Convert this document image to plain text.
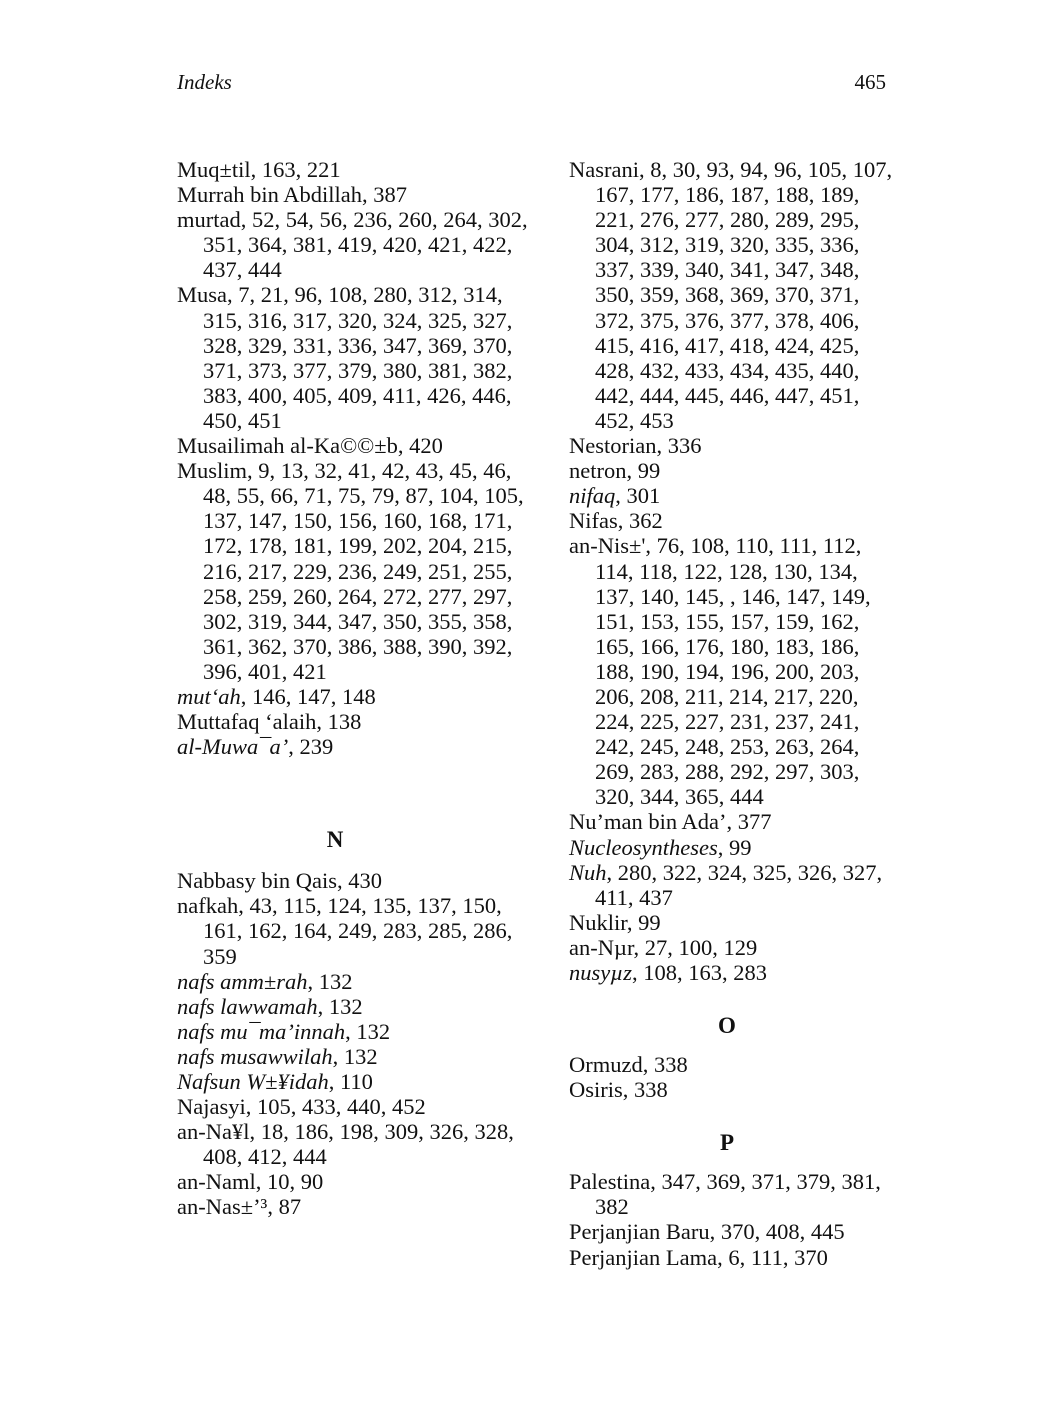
Indeks	465
Muq±til, 163, 221
Murrah bin Abdillah, 387
murtad, 52, 54, 56, 236, 260, 264, 302, 351, 364, 381, 419, 420, 421, 422, 437, 444
Musa, 7, 21, 96, 108, 280, 312, 314, 315, 316, 317, 320, 324, 325, 327, 328, 329, 331, 336, 347, 369, 370, 371, 373, 377, 379, 380, 381, 382, 383, 400, 405, 409, 411, 426, 446, 450, 451
Musailimah al-Ka©©±b, 420
Muslim, 9, 13, 32, 41, 42, 43, 45, 46, 48, 55, 66, 71, 75, 79, 87, 104, 105, 137, 147, 150, 156, 160, 168, 171, 172, 178, 181, 199, 202, 204, 215, 216, 217, 229, 236, 249, 251, 255, 258, 259, 260, 264, 272, 277, 297, 302, 319, 344, 347, 350, 355, 358, 361, 362, 370, 386, 388, 390, 392, 396, 401, 421
mut‘ah, 146, 147, 148
Muttafaq ‘alaih, 138
al-Muwa¯a’, 239
N
Nabbasy bin Qais, 430
nafkah, 43, 115, 124, 135, 137, 150, 161, 162, 164, 249, 283, 285, 286, 359
nafs amm±rah, 132
nafs lawwamah, 132
nafs mu¯ma’innah, 132
nafs musawwilah, 132
Nafsun W±¥idah, 110
Najasyi, 105, 433, 440, 452
an-Na¥l, 18, 186, 198, 309, 326, 328, 408, 412, 444
an-Naml, 10, 90
an-Nas±’³, 87
Nasrani, 8, 30, 93, 94, 96, 105, 107, 167, 177, 186, 187, 188, 189, 221, 276, 277, 280, 289, 295, 304, 312, 319, 320, 335, 336, 337, 339, 340, 341, 347, 348, 350, 359, 368, 369, 370, 371, 372, 375, 376, 377, 378, 406, 415, 416, 417, 418, 424, 425, 428, 432, 433, 434, 435, 440, 442, 444, 445, 446, 447, 451, 452, 453
Nestorian, 336
netron, 99
nifaq, 301
Nifas, 362
an-Nis±', 76, 108, 110, 111, 112, 114, 118, 122, 128, 130, 134, 137, 140, 145, , 146, 147, 149, 151, 153, 155, 157, 159, 162, 165, 166, 176, 180, 183, 186, 188, 190, 194, 196, 200, 203, 206, 208, 211, 214, 217, 220, 224, 225, 227, 231, 237, 241, 242, 245, 248, 253, 263, 264, 269, 283, 288, 292, 297, 303, 320, 344, 365, 444
Nu’man bin Ada’, 377
Nucleosyntheses, 99
Nuh, 280, 322, 324, 325, 326, 327, 411, 437
Nuklir, 99
an-Nµr, 27, 100, 129
nusyµz, 108, 163, 283
O
Ormuzd, 338
Osiris, 338
P
Palestina, 347, 369, 371, 379, 381, 382
Perjanjian Baru, 370, 408, 445
Perjanjian Lama, 6, 111, 370
